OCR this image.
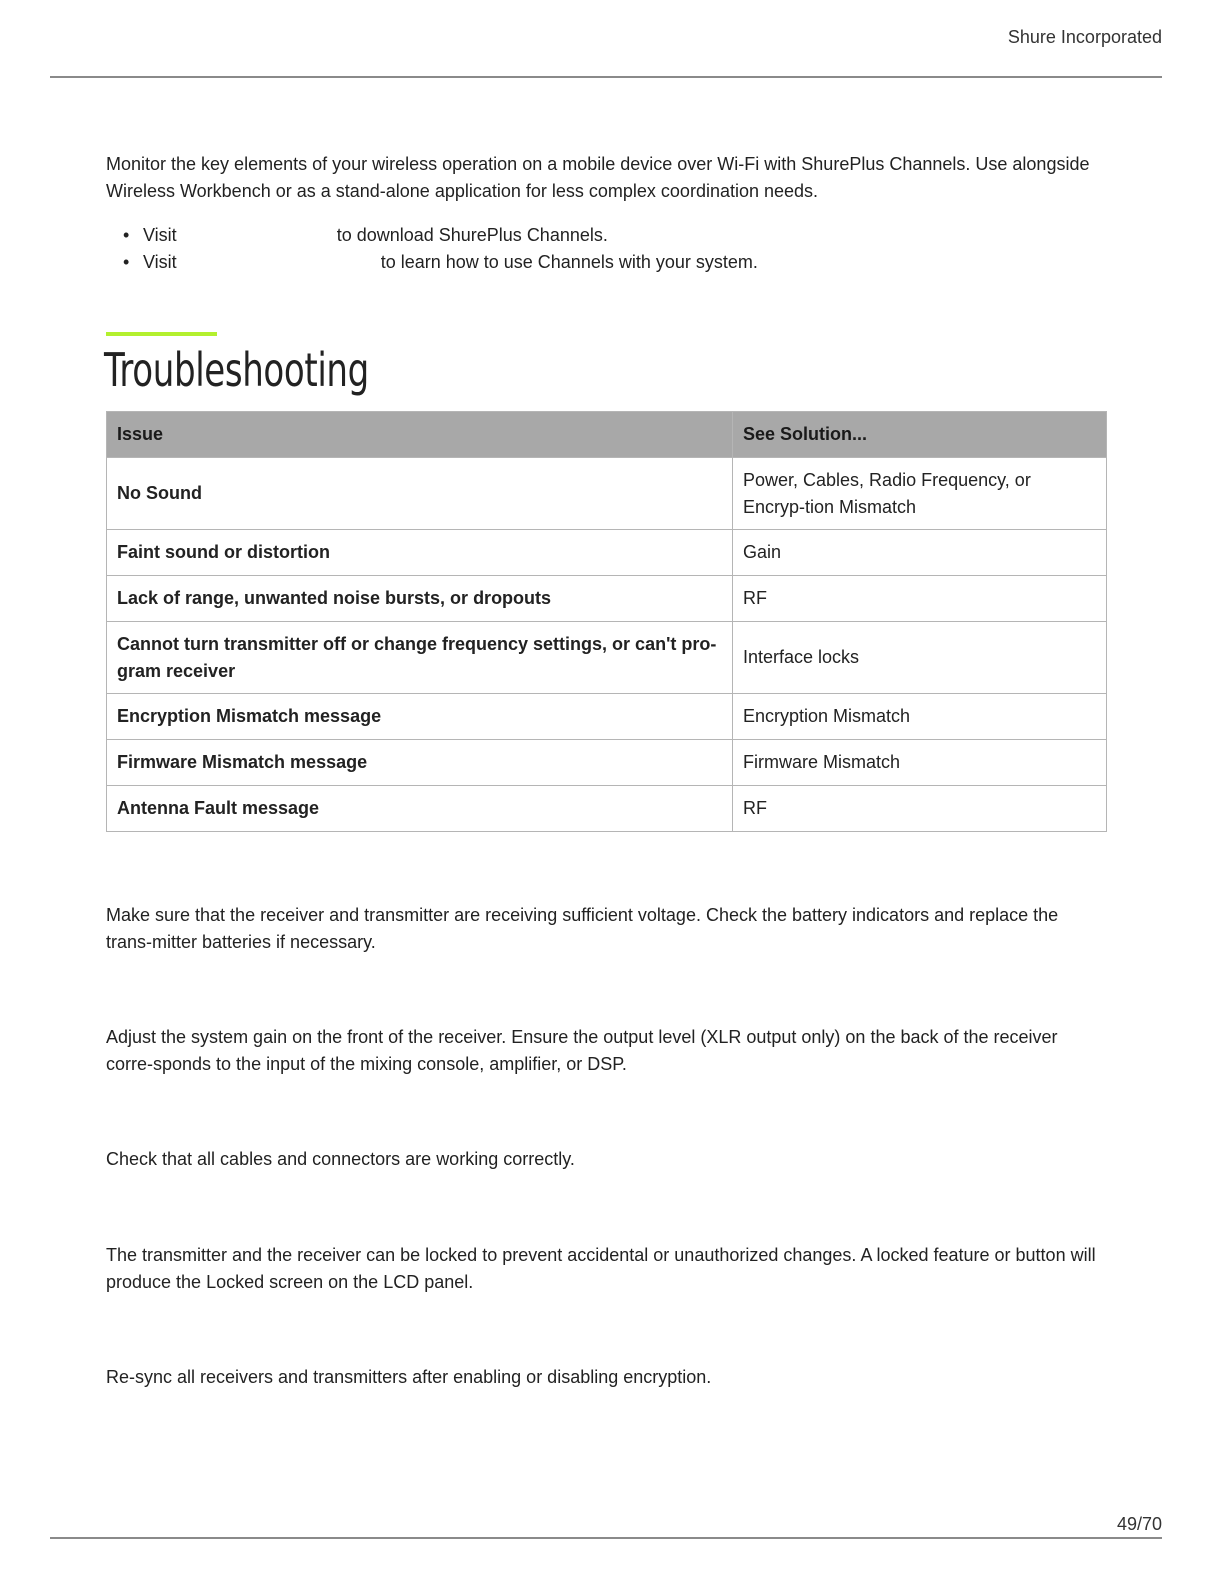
Shure Incorporated

Monitor the key elements of your wireless operation on a mobile device over Wi-Fi with ShurePlus Channels. Use alongside Wireless Workbench or as a stand-alone application for less complex coordination needs.

• Visit	to download ShurePlus Channels.
• Visit	to learn how to use Channels with your system.
Troubleshooting
Issue	See Solution...
No Sound	Power, Cables, Radio Frequency, or Encryp-tion Mismatch
Faint sound or distortion	Gain
Lack of range, unwanted noise bursts, or dropouts	RF
Cannot turn transmitter off or change frequency settings, or can't pro-gram receiver	Interface locks
Encryption Mismatch message	Encryption Mismatch
Firmware Mismatch message	Firmware Mismatch
Antenna Fault message	RF

Make sure that the receiver and transmitter are receiving sufficient voltage. Check the battery indicators and replace the trans-mitter batteries if necessary.

Adjust the system gain on the front of the receiver. Ensure the output level (XLR output only) on the back of the receiver corre-sponds to the input of the mixing console, amplifier, or DSP.

Check that all cables and connectors are working correctly.

The transmitter and the receiver can be locked to prevent accidental or unauthorized changes. A locked feature or button will produce the Locked screen on the LCD panel.

Re-sync all receivers and transmitters after enabling or disabling encryption.

49/70
